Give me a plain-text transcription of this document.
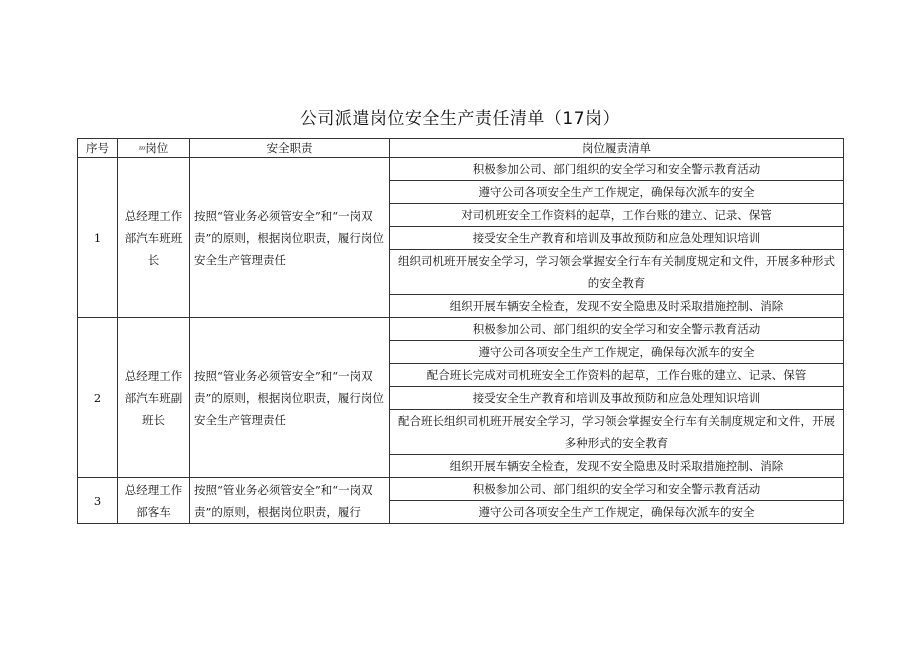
公司派遣岗位安全生产责任清单（17岗）
序号	ᵡᵡᵡ岗位	安全职责	岗位履责清单
1	总经理工作部汽车班班长	按照“管业务必须管安全”和“一岗双责”的原则，根据岗位职责，履行岗位安全生产管理责任	积极参加公司、部门组织的安全学习和安全警示教育活动
			遵守公司各项安全生产工作规定，确保每次派车的安全
			对司机班安全工作资料的起草，工作台账的建立、记录、保管
			接受安全生产教育和培训及事故预防和应急处理知识培训
			组织司机班开展安全学习，学习领会掌握安全行车有关制度规定和文件，开展多种形式的安全教育
			组织开展车辆安全检查，发现不安全隐患及时采取措施控制、消除
2	总经理工作部汽车班副班长	按照“管业务必须管安全”和“一岗双责”的原则，根据岗位职责，履行岗位安全生产管理责任	积极参加公司、部门组织的安全学习和安全警示教育活动
			遵守公司各项安全生产工作规定，确保每次派车的安全
			配合班长完成对司机班安全工作资料的起草，工作台账的建立、记录、保管
			接受安全生产教育和培训及事故预防和应急处理知识培训
			配合班长组织司机班开展安全学习，学习领会掌握安全行车有关制度规定和文件，开展多种形式的安全教育
			组织开展车辆安全检查，发现不安全隐患及时采取措施控制、消除
3	总经理工作部客车	按照“管业务必须管安全”和“一岗双责”的原则，根据岗位职责，履行	积极参加公司、部门组织的安全学习和安全警示教育活动
			遵守公司各项安全生产工作规定，确保每次派车的安全
